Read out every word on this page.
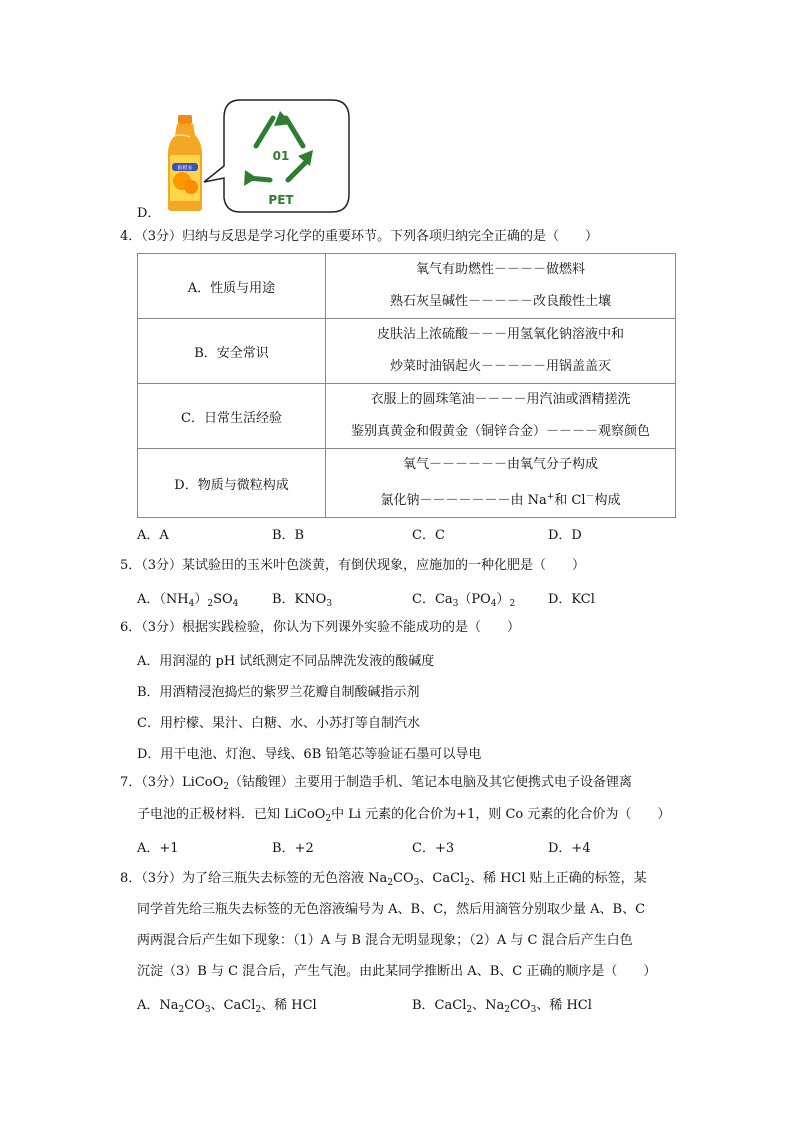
D．
鲜橙多
01
PET
4．（3分）归纳与反思是学习化学的重要环节。下列各项归纳完全正确的是（　　）
A．性质与用途	氧气有助燃性－－－－做燃料
熟石灰呈碱性－－－－－改良酸性土壤

B．安全常识	皮肤沾上浓硫酸－－－用氢氧化钠溶液中和
炒菜时油锅起火－－－－－用锅盖盖灭

C．日常生活经验	衣服上的圆珠笔油－－－－用汽油或酒精搓洗
鉴别真黄金和假黄金（铜锌合金）－－－－观察颜色

D．物质与微粒构成	氧气－－－－－－由氧气分子构成
氯化钠－－－－－－－由 Na+和 Cl－构成
A．A	B．B	C．C	D．D
5．（3分）某试验田的玉米叶色淡黄，有倒伏现象，应施加的一种化肥是（　　）
A．$(NH_4)_2SO_4$	B．$KNO_3$	C．$Ca_3(PO_4)_2$	D．KCl
6．（3分）根据实践检验，你认为下列课外实验不能成功的是（　　）
A．用润湿的 pH 试纸测定不同品牌洗发液的酸碱度
B．用酒精浸泡捣烂的紫罗兰花瓣自制酸碱指示剂
C．用柠檬、果汁、白糖、水、小苏打等自制汽水
D．用干电池、灯泡、导线、6B 铅笔芯等验证石墨可以导电
7．（3分）LiCoO$_2$（钴酸锂）主要用于制造手机、笔记本电脑及其它便携式电子设备锂离
子电池的正极材料．已知 LiCoO$_2$中 Li 元素的化合价为+1，则 Co 元素的化合价为（　　）
A．+1	B．+2	C．+3	D．+4
8．（3分）为了给三瓶失去标签的无色溶液 $Na_2CO_3$、CaCl$_2$、稀 HCl 贴上正确的标签，某
同学首先给三瓶失去标签的无色溶液编号为 A、B、C，然后用滴管分别取少量 A、B、C
两两混合后产生如下现象：（1）A 与 B 混合无明显现象；（2）A 与 C 混合后产生白色
沉淀（3）B 与 C 混合后，产生气泡。由此某同学推断出 A、B、C 正确的顺序是（　　）
A．$Na_2CO_3$、CaCl$_2$、稀 HCl	B．CaCl$_2$、$Na_2CO_3$、稀 HCl
